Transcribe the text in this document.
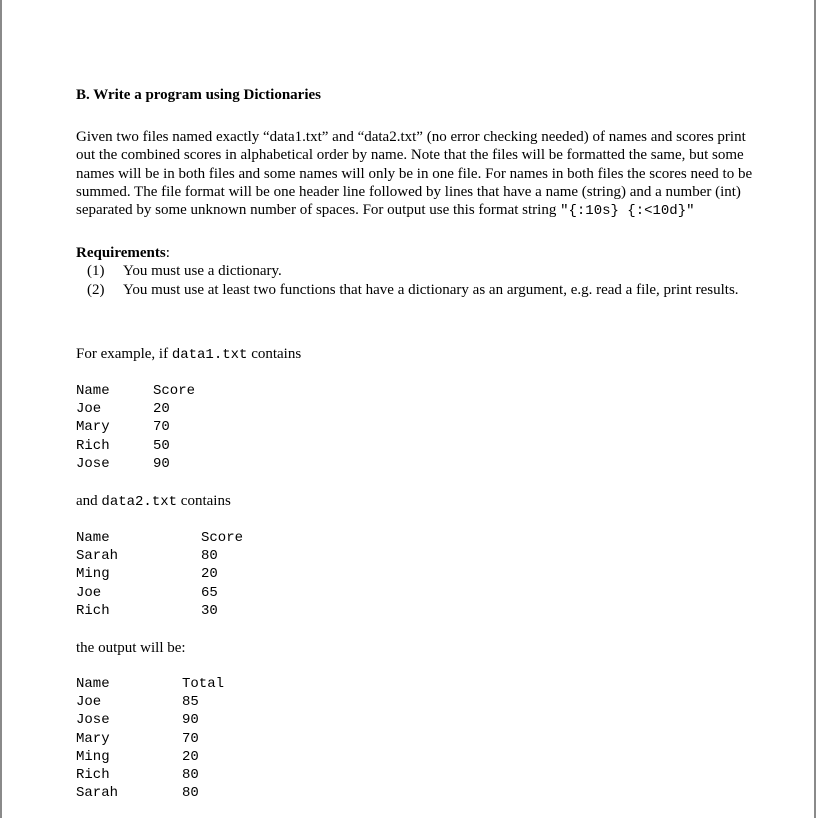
B. Write a program using Dictionaries

Given two files named exactly “data1.txt” and “data2.txt” (no error checking needed) of names and scores print out the combined scores in alphabetical order by name. Note that the files will be formatted the same, but some names will be in both files and some names will only be in one file. For names in both files the scores need to be summed. The file format will be one header line followed by lines that have a name (string) and a number (int) separated by some unknown number of spaces. For output use this format string "{:10s} {:<10d}"

Requirements:

(1)	You must use a dictionary.
(2)	You must use at least two functions that have a dictionary as an argument, e.g. read a file, print results.

For example, if data1.txt contains

Name	Score
Joe	20
Mary	70
Rich	50
Jose	90

and data2.txt contains

Name	Score
Sarah	80
Ming	20
Joe	65
Rich	30

the output will be:

Name	Total
Joe	85
Jose	90
Mary	70
Ming	20
Rich	80
Sarah	80
